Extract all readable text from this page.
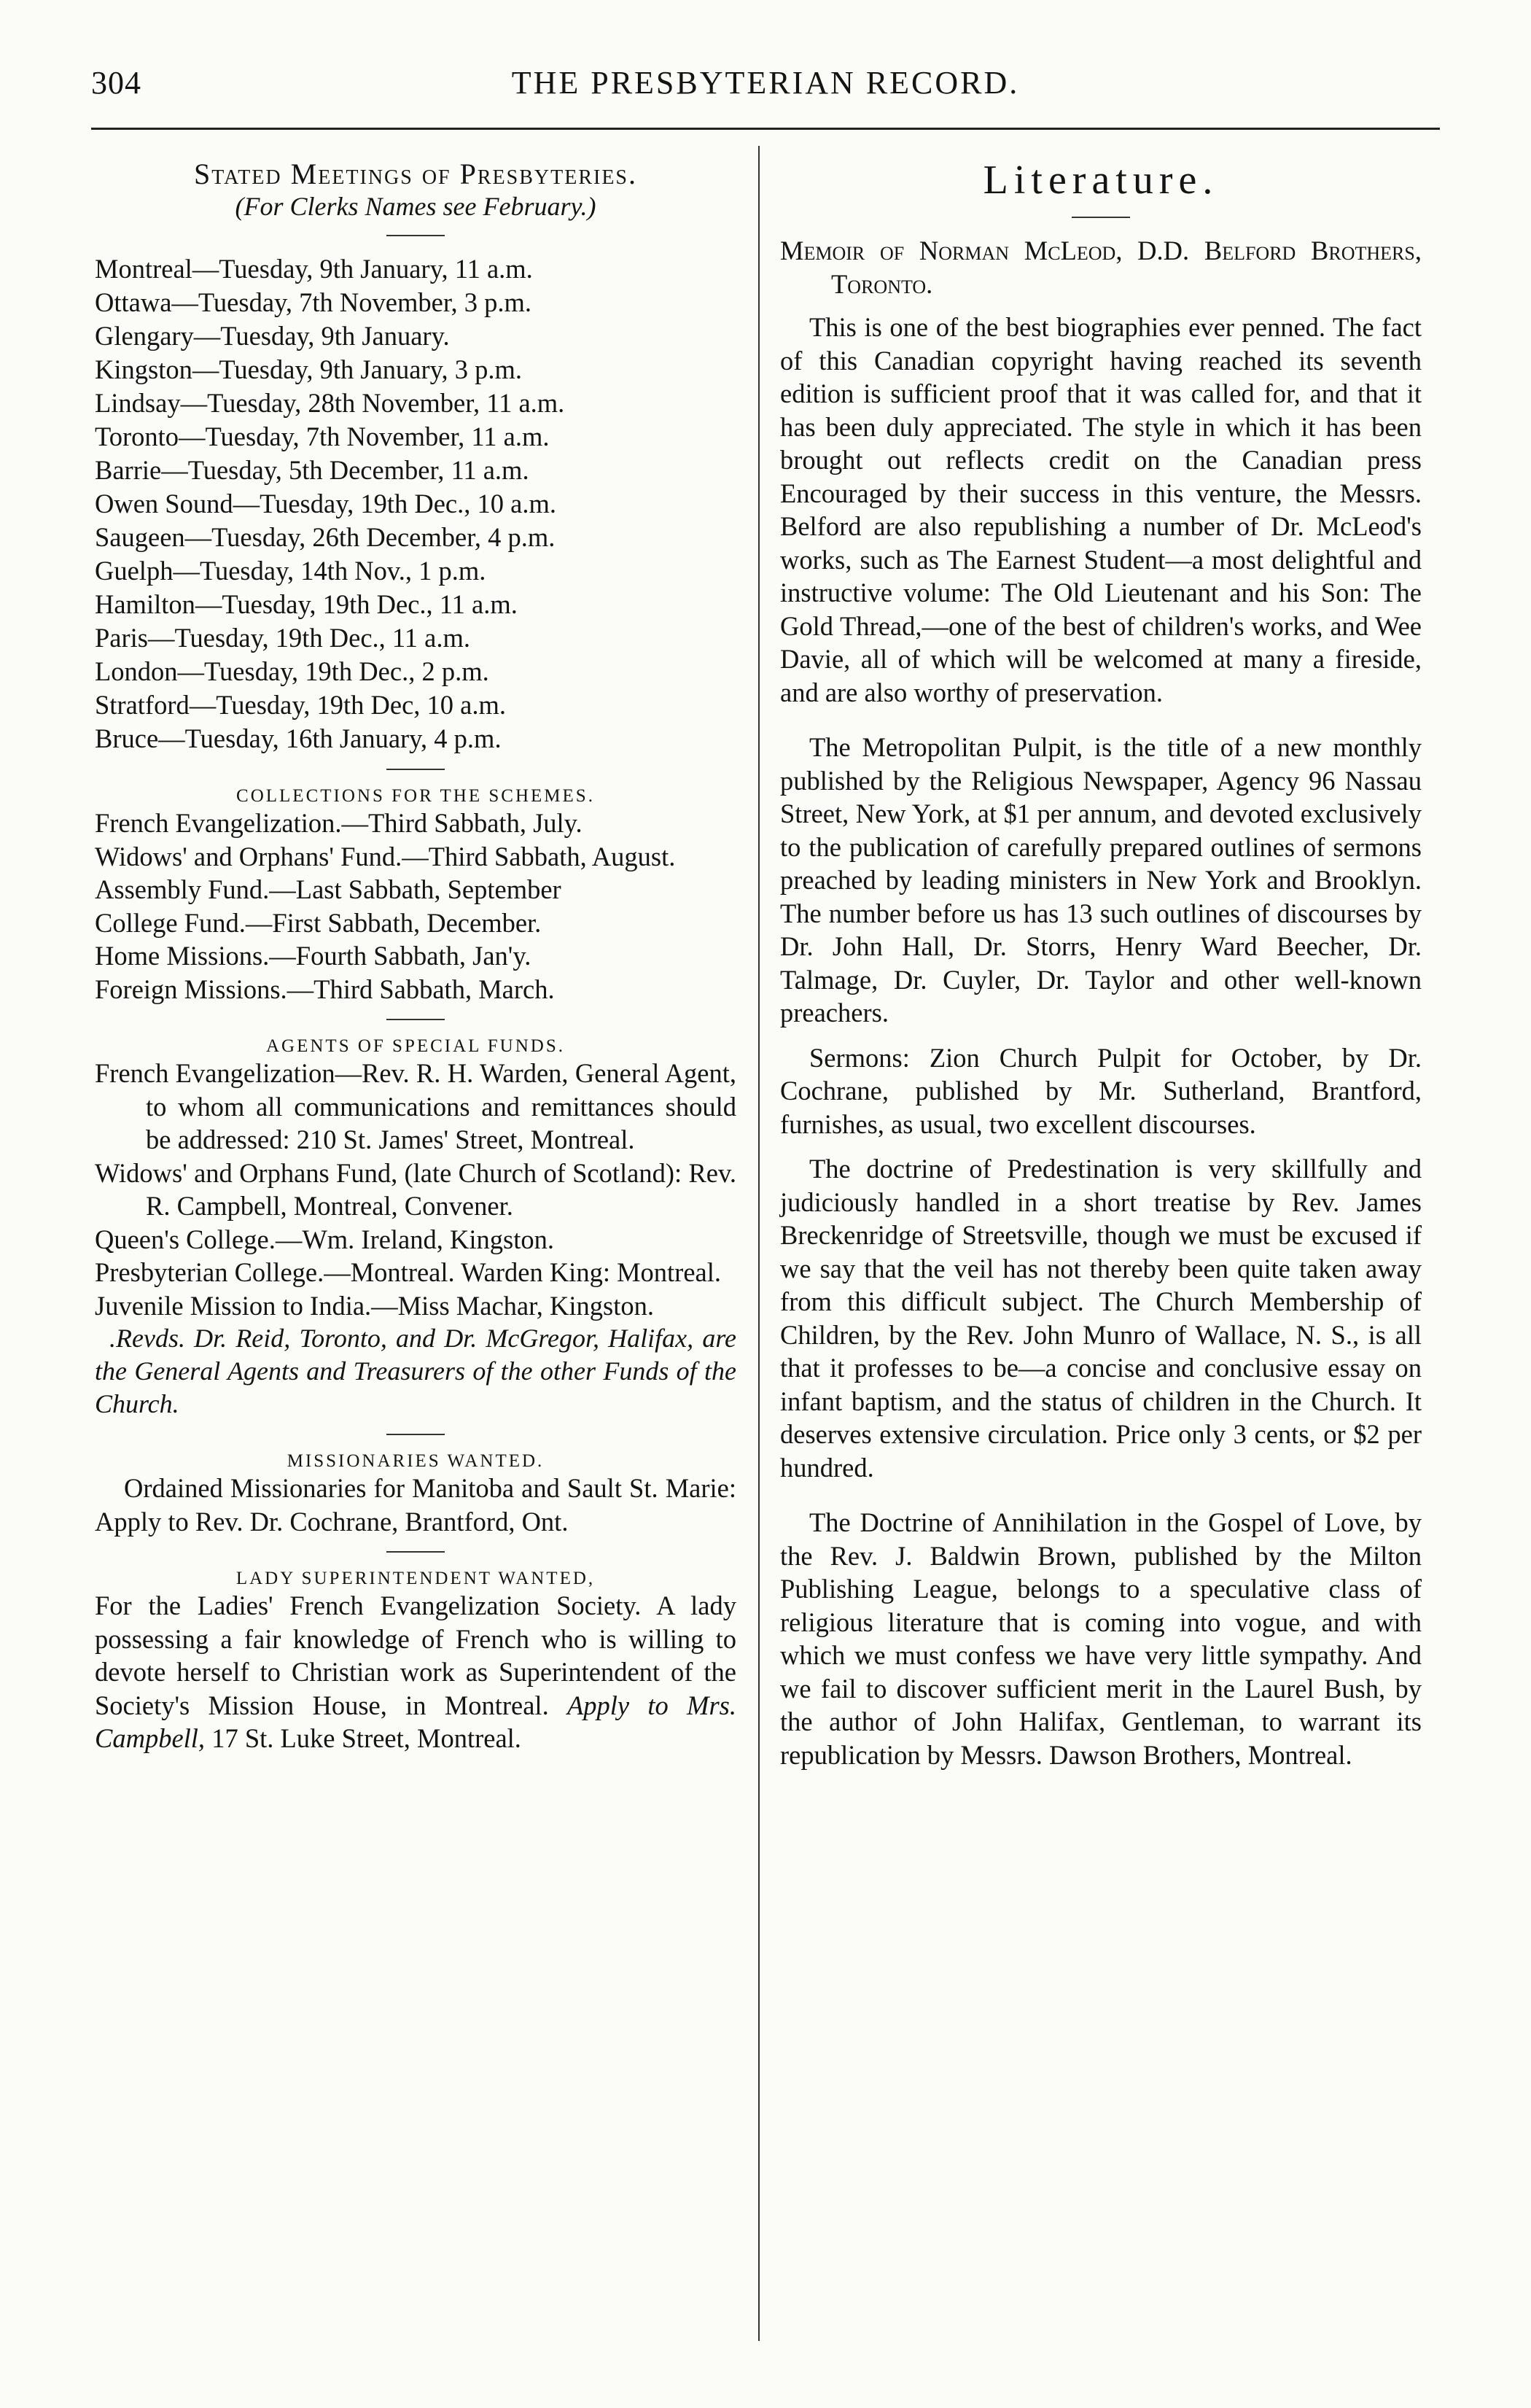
304	THE PRESBYTERIAN RECORD.

Stated Meetings of Presbyteries.

(For Clerks Names see February.)

Montreal—Tuesday, 9th January, 11 a.m.
Ottawa—Tuesday, 7th November, 3 p.m.
Glengary—Tuesday, 9th January.
Kingston—Tuesday, 9th January, 3 p.m.
Lindsay—Tuesday, 28th November, 11 a.m.
Toronto—Tuesday, 7th November, 11 a.m.
Barrie—Tuesday, 5th December, 11 a.m.
Owen Sound—Tuesday, 19th Dec., 10 a.m.
Saugeen—Tuesday, 26th December, 4 p.m.
Guelph—Tuesday, 14th Nov., 1 p.m.
Hamilton—Tuesday, 19th Dec., 11 a.m.
Paris—Tuesday, 19th Dec., 11 a.m.
London—Tuesday, 19th Dec., 2 p.m.
Stratford—Tuesday, 19th Dec, 10 a.m.
Bruce—Tuesday, 16th January, 4 p.m.

COLLECTIONS FOR THE SCHEMES.

French Evangelization.—Third Sabbath, July.

Widows' and Orphans' Fund.—Third Sabbath, August.

Assembly Fund.—Last Sabbath, September

College Fund.—First Sabbath, December.

Home Missions.—Fourth Sabbath, Jan'y.

Foreign Missions.—Third Sabbath, March.

AGENTS OF SPECIAL FUNDS.

French Evangelization—Rev. R. H. Warden, General Agent, to whom all communications and remittances should be addressed: 210 St. James' Street, Montreal.

Widows' and Orphans Fund, (late Church of Scotland): Rev. R. Campbell, Montreal, Convener.

Queen's College.—Wm. Ireland, Kingston.

Presbyterian College.—Montreal. Warden King: Montreal.

Juvenile Mission to India.—Miss Machar, Kingston.

.Revds. Dr. Reid, Toronto, and Dr. McGregor, Halifax, are the General Agents and Treasurers of the other Funds of the Church.

MISSIONARIES WANTED.

Ordained Missionaries for Manitoba and Sault St. Marie: Apply to Rev. Dr. Cochrane, Brantford, Ont.

LADY SUPERINTENDENT WANTED,

For the Ladies' French Evangelization Society. A lady possessing a fair knowledge of French who is willing to devote herself to Christian work as Superintendent of the Society's Mission House, in Montreal. Apply to Mrs. Campbell, 17 St. Luke Street, Montreal.

Literature.

Memoir of Norman McLeod, D.D. Belford Brothers, Toronto.

This is one of the best biographies ever penned. The fact of this Canadian copyright having reached its seventh edition is sufficient proof that it was called for, and that it has been duly appreciated. The style in which it has been brought out reflects credit on the Canadian press Encouraged by their success in this venture, the Messrs. Belford are also republishing a number of Dr. McLeod's works, such as The Earnest Student—a most delightful and instructive volume: The Old Lieutenant and his Son: The Gold Thread,—one of the best of children's works, and Wee Davie, all of which will be welcomed at many a fireside, and are also worthy of preservation.

The Metropolitan Pulpit, is the title of a new monthly published by the Religious Newspaper, Agency 96 Nassau Street, New York, at $1 per annum, and devoted exclusively to the publication of carefully prepared outlines of sermons preached by leading ministers in New York and Brooklyn. The number before us has 13 such outlines of discourses by Dr. John Hall, Dr. Storrs, Henry Ward Beecher, Dr. Talmage, Dr. Cuyler, Dr. Taylor and other well-known preachers.

Sermons: Zion Church Pulpit for October, by Dr. Cochrane, published by Mr. Sutherland, Brantford, furnishes, as usual, two excellent discourses.

The doctrine of Predestination is very skillfully and judiciously handled in a short treatise by Rev. James Breckenridge of Streetsville, though we must be excused if we say that the veil has not thereby been quite taken away from this difficult subject. The Church Membership of Children, by the Rev. John Munro of Wallace, N. S., is all that it professes to be—a concise and conclusive essay on infant baptism, and the status of children in the Church. It deserves extensive circulation. Price only 3 cents, or $2 per hundred.

The Doctrine of Annihilation in the Gospel of Love, by the Rev. J. Baldwin Brown, published by the Milton Publishing League, belongs to a speculative class of religious literature that is coming into vogue, and with which we must confess we have very little sympathy. And we fail to discover sufficient merit in the Laurel Bush, by the author of John Halifax, Gentleman, to warrant its republication by Messrs. Dawson Brothers, Montreal.
